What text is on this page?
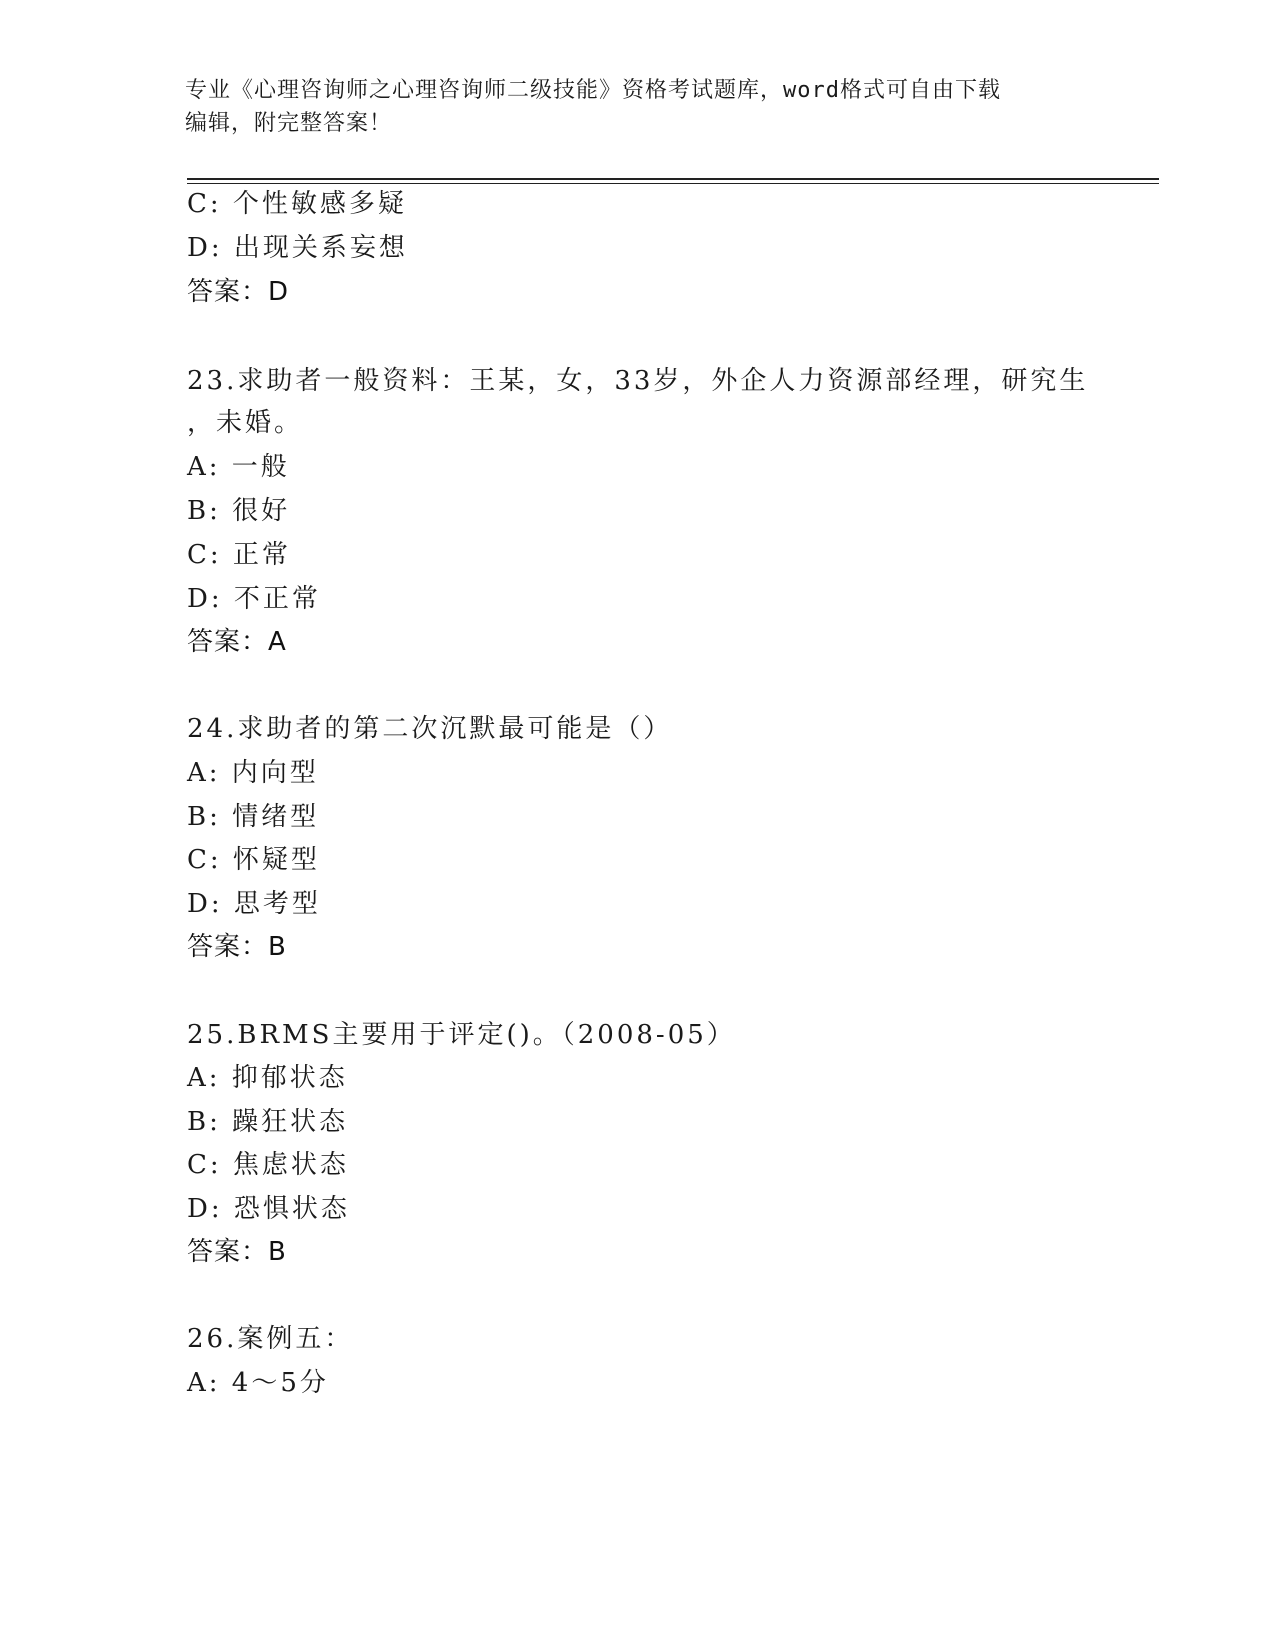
专业《心理咨询师之心理咨询师二级技能》资格考试题库，word格式可自由下载
编辑，附完整答案！
C: 个性敏感多疑
D: 出现关系妄想
答案：D
23.求助者一般资料：王某，女，33岁，外企人力资源部经理，研究生
，未婚。
A: 一般
B: 很好
C: 正常
D: 不正常
答案：A
24.求助者的第二次沉默最可能是（）
A: 内向型
B: 情绪型
C: 怀疑型
D: 思考型
答案：B
25.BRMS主要用于评定()。（2008-05）
A: 抑郁状态
B: 躁狂状态
C: 焦虑状态
D: 恐惧状态
答案：B
26.案例五：
A: 4～5分
